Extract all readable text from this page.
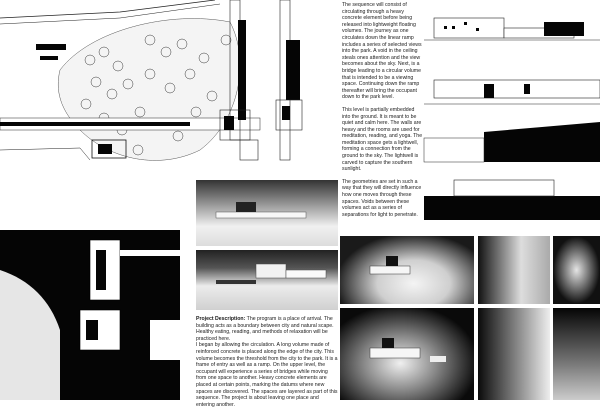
The sequence will consist of circulating through a heavy concrete element before being released into lightweight floating volumes. The journey as one circulates down the linear ramp includes a series of selected views into the park. A void in the ceiling steals ones attention and the view becomes about the sky. Next, is a bridge leading to a circular volume that is intended to be a viewing space. Continuing down the ramp thereafter will bring the occupant down to the park level.

This level is partially embedded into the ground. It is meant to be quiet and calm here. The walls are heavy and the rooms are used for meditation, reading, and yoga. The meditation space gets a lightwell, forming a connection from the ground to the sky. The lightwell is carved to capture the southern sunlight.

The geometries are set in such a way that they will directly influence how one moves through these spaces. Voids between these volumes act as a series of separations for light to penetrate.

Project Description: The program is a place of arrival. The building acts as a boundary between city and natural scape. Healthy eating, reading, and methods of relaxation will be practiced here.

I began by allowing the circulation. A long volume made of reinforced concrete is placed along the edge of the city. This volume becomes the threshold from the city to the park. It is a frame of entry as well as a ramp. On the upper level, the occupant will experience a series of bridges while moving from one space to another. Heavy concrete elements are placed at certain points, marking the datums where new spaces are discovered. The spaces are layered as part of this sequence. The project is about leaving one place and entering another.
